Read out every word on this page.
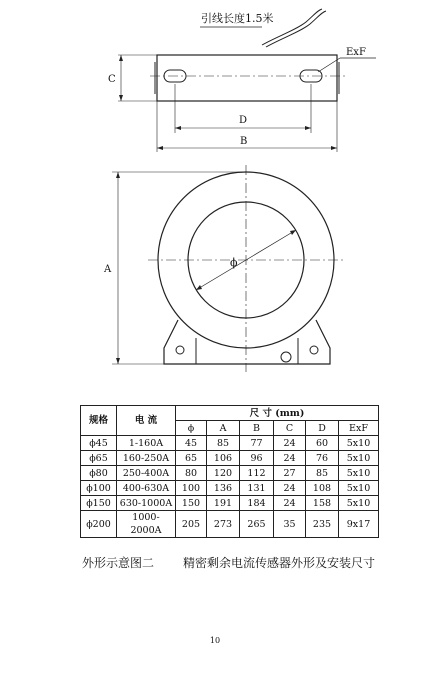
引线长度1.5米
ExF
C
D
B
ϕ
A
规格	电 流	尺 寸 (mm)					
		ϕ	A	B	C	D	ExF
ϕ45	1-160A	45	85	77	24	60	5x10
ϕ65	160-250A	65	106	96	24	76	5x10
ϕ80	250-400A	80	120	112	27	85	5x10
ϕ100	400-630A	100	136	131	24	108	5x10
ϕ150	630-1000A	150	191	184	24	158	5x10
ϕ200	1000-2000A	205	273	265	35	235	9x17
外形示意图二 精密剩余电流传感器外形及安装尺寸
10
